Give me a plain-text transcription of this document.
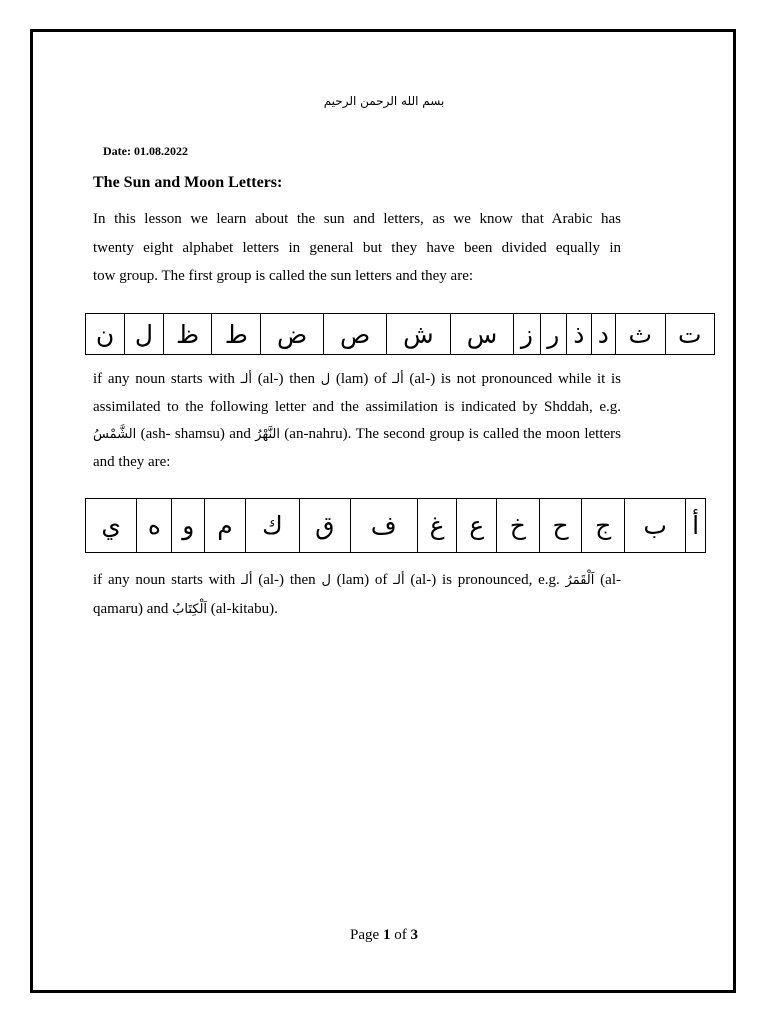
بسم الله الرحمن الرحيم
Date: 01.08.2022
The Sun and Moon Letters:
In this lesson we learn about the sun and letters, as we know that Arabic has
twenty eight alphabet letters in general but they have been divided equally in
tow group. The first group is called the sun letters and they are:
ت	ث	د	ذ	ر	ز	س	ش	ص	ض	ط	ظ	ل	ن

if any noun starts with ألـ (al-) then ل (lam) of ألـ (al-) is not pronounced while it is assimilated to the following letter and the assimilation is indicated by Shddah, e.g. الشَّمْسُ (ash- shamsu) and النَّهْرُ (an-nahru). The second group is called the moon letters and they are:

أ	ب	ج	ح	خ	ع	غ	ف	ق	ك	م	و	ه	ي

if any noun starts with ألـ (al-) then ل (lam) of ألـ (al-) is pronounced, e.g. اَلْقَمَرُ (al-qamaru) and اَلْكِتَابُ (al-kitabu).

Page 1 of 3
